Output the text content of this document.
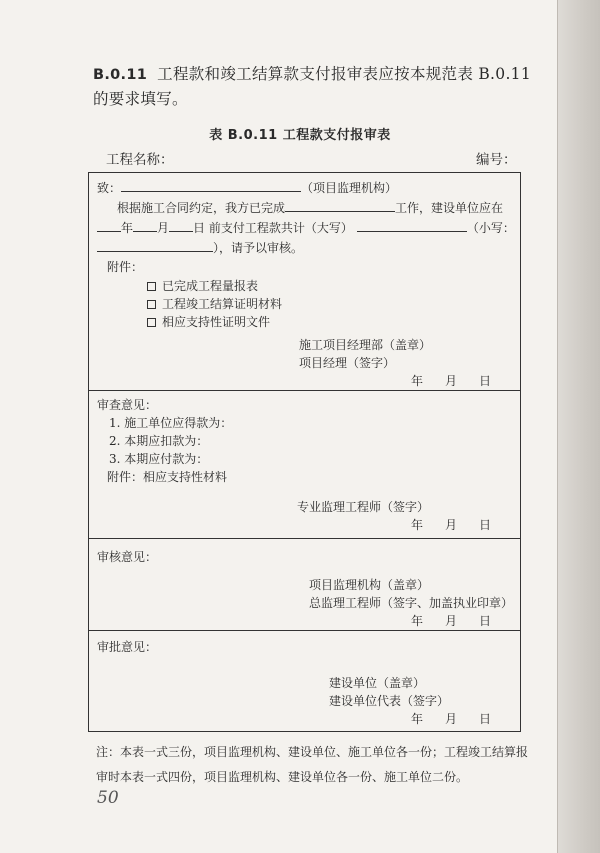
B.0.11 工程款和竣工结算款支付报审表应按本规范表 B.0.11 的要求填写。
表 B.0.11 工程款支付报审表
工程名称：	编号：
致：	（项目监理机构）
根据施工合同约定，我方已完成	工作，建设单位应在
年 月 日 前支付工程款共计（大写）	（小写：
），请予以审核。
附件：
已完成工程量报表
工程竣工结算证明材料
相应支持性证明文件
施工项目经理部（盖章）
项目经理（签字）
年 月 日
审查意见：
1. 施工单位应得款为：
2. 本期应扣款为：
3. 本期应付款为：
附件：相应支持性材料
专业监理工程师（签字）
年 月 日
审核意见：
项目监理机构（盖章）
总监理工程师（签字、加盖执业印章）
年 月 日
审批意见：
建设单位（盖章）
建设单位代表（签字）
年 月 日
注：本表一式三份，项目监理机构、建设单位、施工单位各一份；工程竣工结算报审时本表一式四份，项目监理机构、建设单位各一份、施工单位二份。
50
